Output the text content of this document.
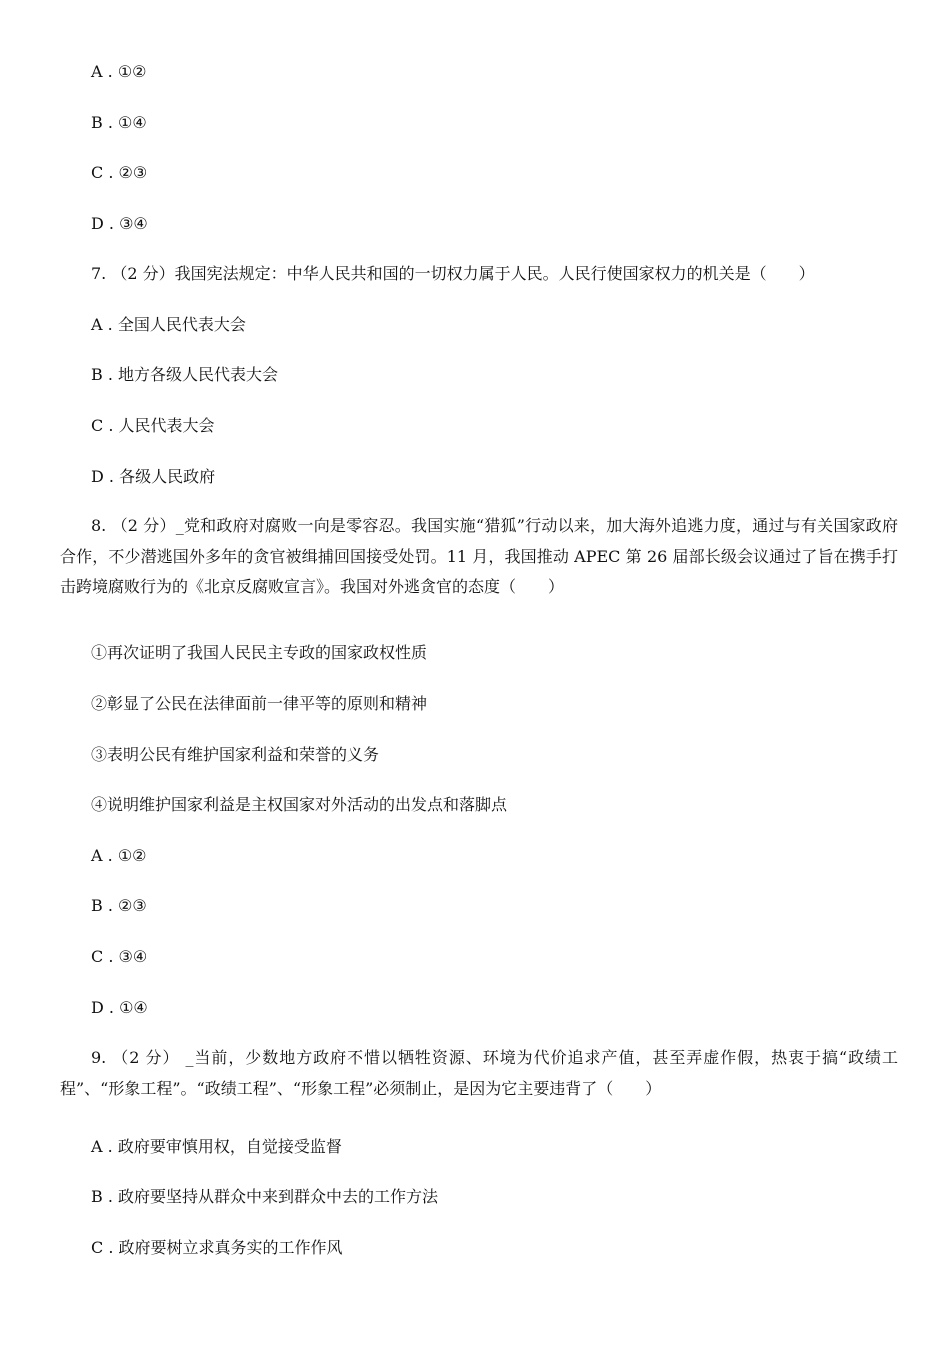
A . ①②
B . ①④
C . ②③
D . ③④
7. （2 分）我国宪法规定：中华人民共和国的一切权力属于人民。人民行使国家权力的机关是（　　）
A . 全国人民代表大会
B . 地方各级人民代表大会
C . 人民代表大会
D . 各级人民政府
8. （2 分）_党和政府对腐败一向是零容忍。我国实施“猎狐”行动以来，加大海外追逃力度，通过与有关国家政府合作，不少潜逃国外多年的贪官被缉捕回国接受处罚。11 月，我国推动 APEC 第 26 届部长级会议通过了旨在携手打击跨境腐败行为的《北京反腐败宣言》。我国对外逃贪官的态度（　　）
①再次证明了我国人民民主专政的国家政权性质
②彰显了公民在法律面前一律平等的原则和精神
③表明公民有维护国家利益和荣誉的义务
④说明维护国家利益是主权国家对外活动的出发点和落脚点
A . ①②
B . ②③
C . ③④
D . ①④
9. （2 分） _当前，少数地方政府不惜以牺牲资源、环境为代价追求产值，甚至弄虚作假，热衷于搞“政绩工程”、“形象工程”。“政绩工程”、“形象工程”必须制止，是因为它主要违背了（　　）
A . 政府要审慎用权，自觉接受监督
B . 政府要坚持从群众中来到群众中去的工作方法
C . 政府要树立求真务实的工作作风
